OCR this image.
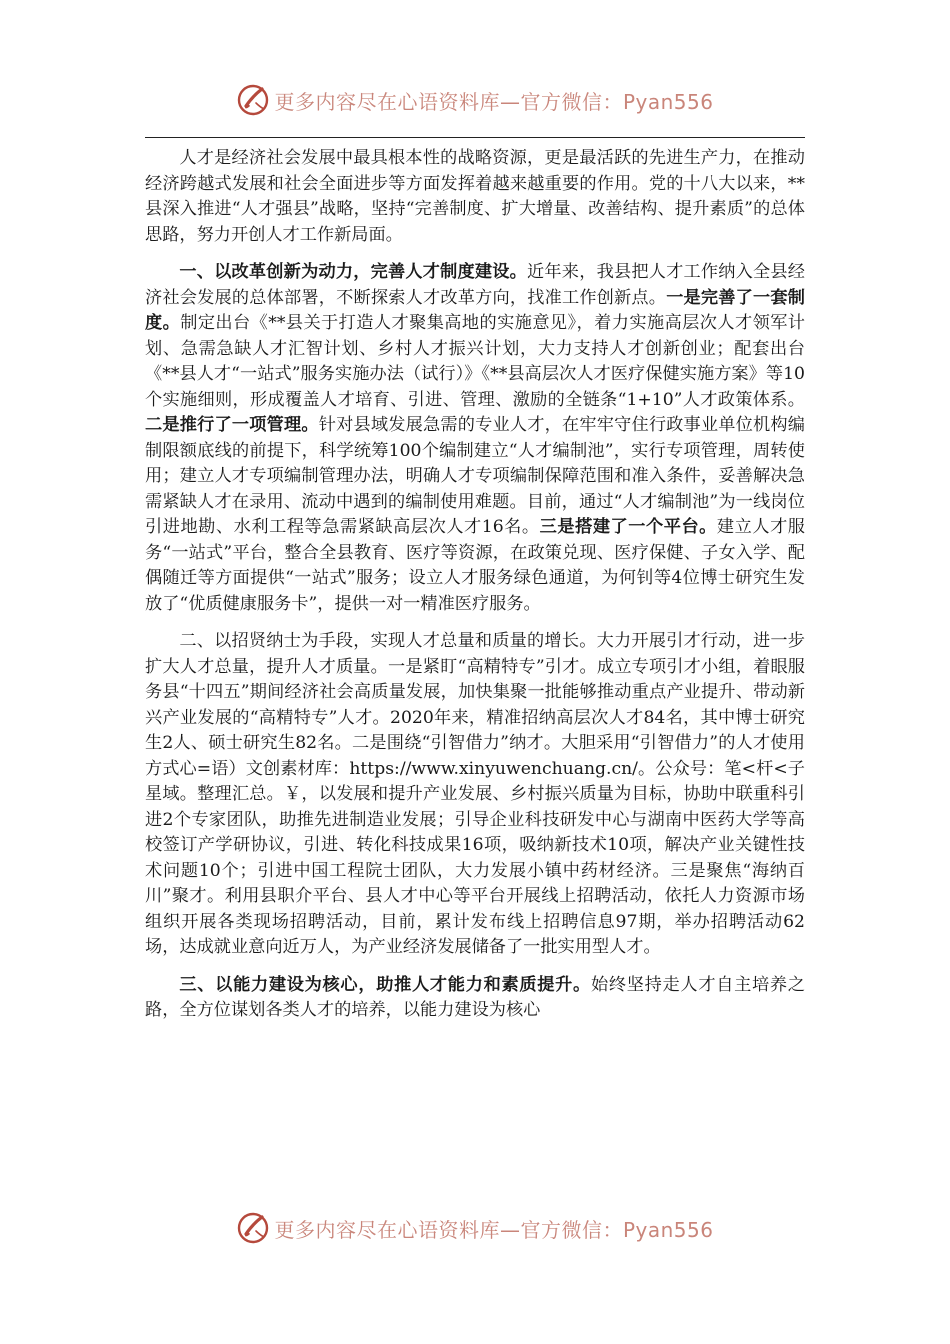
更多内容尽在心语资料库—官方微信：Pyan556

人才是经济社会发展中最具根本性的战略资源，更是最活跃的先进生产力，在推动经济跨越式发展和社会全面进步等方面发挥着越来越重要的作用。党的十八大以来，**县深入推进“人才强县”战略，坚持“完善制度、扩大增量、改善结构、提升素质”的总体思路，努力开创人才工作新局面。

一、以改革创新为动力，完善人才制度建设。近年来，我县把人才工作纳入全县经济社会发展的总体部署，不断探索人才改革方向，找准工作创新点。一是完善了一套制度。制定出台《**县关于打造人才聚集高地的实施意见》，着力实施高层次人才领军计划、急需急缺人才汇智计划、乡村人才振兴计划，大力支持人才创新创业；配套出台《**县人才“一站式”服务实施办法（试行）》《**县高层次人才医疗保健实施方案》等10个实施细则，形成覆盖人才培育、引进、管理、激励的全链条“1+10”人才政策体系。二是推行了一项管理。针对县域发展急需的专业人才，在牢牢守住行政事业单位机构编制限额底线的前提下，科学统筹100个编制建立“人才编制池”，实行专项管理，周转使用；建立人才专项编制管理办法，明确人才专项编制保障范围和准入条件，妥善解决急需紧缺人才在录用、流动中遇到的编制使用难题。目前，通过“人才编制池”为一线岗位引进地勘、水利工程等急需紧缺高层次人才16名。三是搭建了一个平台。建立人才服务“一站式”平台，整合全县教育、医疗等资源，在政策兑现、医疗保健、子女入学、配偶随迁等方面提供“一站式”服务；设立人才服务绿色通道，为何钊等4位博士研究生发放了“优质健康服务卡”，提供一对一精准医疗服务。

二、以招贤纳士为手段，实现人才总量和质量的增长。大力开展引才行动，进一步扩大人才总量，提升人才质量。一是紧盯“高精特专”引才。成立专项引才小组，着眼服务县“十四五”期间经济社会高质量发展，加快集聚一批能够推动重点产业提升、带动新兴产业发展的“高精特专”人才。2020年来，精准招纳高层次人才84名，其中博士研究生2人、硕士研究生82名。二是围绕“引智借力”纳才。大胆采用“引智借力”的人才使用方式心=语）文创素材库：https://www.xinyuwenchuang.cn/。公众号：笔<杆<子星域。整理汇总。￥，以发展和提升产业发展、乡村振兴质量为目标，协助中联重科引进2个专家团队，助推先进制造业发展；引导企业科技研发中心与湖南中医药大学等高校签订产学研协议，引进、转化科技成果16项，吸纳新技术10项，解决产业关键性技术问题10个；引进中国工程院士团队，大力发展小镇中药材经济。三是聚焦“海纳百川”聚才。利用县职介平台、县人才中心等平台开展线上招聘活动，依托人力资源市场组织开展各类现场招聘活动，目前，累计发布线上招聘信息97期，举办招聘活动62场，达成就业意向近万人，为产业经济发展储备了一批实用型人才。

三、以能力建设为核心，助推人才能力和素质提升。始终坚持走人才自主培养之路，全方位谋划各类人才的培养，以能力建设为核心

更多内容尽在心语资料库—官方微信：Pyan556
